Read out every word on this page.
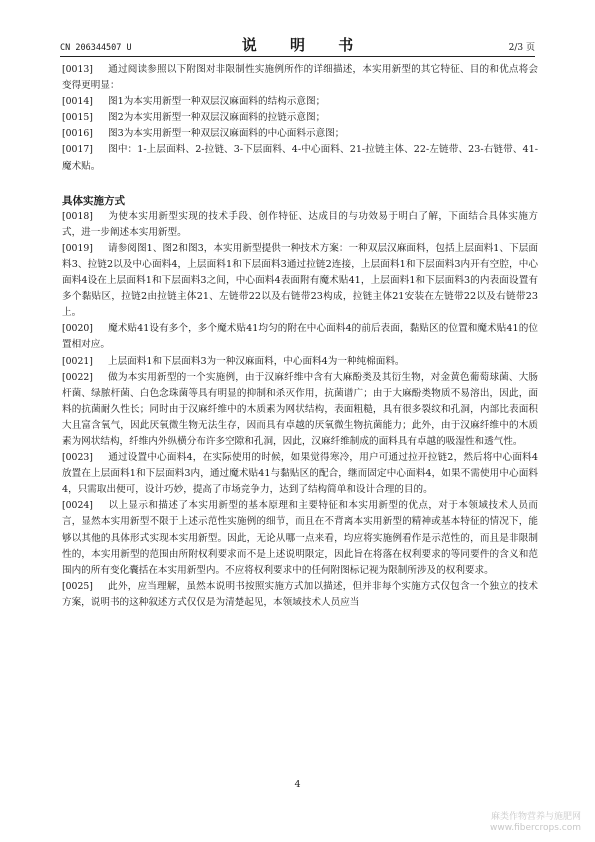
CN 206344507 U	说 明 书	2/3 页
[0013] 通过阅读参照以下附图对非限制性实施例所作的详细描述，本实用新型的其它特征、目的和优点将会变得更明显：
[0014] 图1为本实用新型一种双层汉麻面料的结构示意图；
[0015] 图2为本实用新型一种双层汉麻面料的拉链示意图；
[0016] 图3为本实用新型一种双层汉麻面料的中心面料示意图；
[0017] 图中：1-上层面料、2-拉链、3-下层面料、4-中心面料、21-拉链主体、22-左链带、23-右链带、41-魔术贴。
具体实施方式
[0018] 为使本实用新型实现的技术手段、创作特征、达成目的与功效易于明白了解，下面结合具体实施方式，进一步阐述本实用新型。
[0019] 请参阅图1、图2和图3，本实用新型提供一种技术方案：一种双层汉麻面料，包括上层面料1、下层面料3、拉链2以及中心面料4，上层面料1和下层面料3通过拉链2连接，上层面料1和下层面料3内开有空腔，中心面料4设在上层面料1和下层面料3之间，中心面料4表面附有魔术贴41，上层面料1和下层面料3的内表面设置有多个黏贴区，拉链2由拉链主体21、左链带22以及右链带23构成，拉链主体21安装在左链带22以及右链带23上。
[0020] 魔术贴41设有多个，多个魔术贴41均匀的附在中心面料4的前后表面，黏贴区的位置和魔术贴41的位置相对应。
[0021] 上层面料1和下层面料3为一种汉麻面料，中心面料4为一种纯棉面料。
[0022] 做为本实用新型的一个实施例，由于汉麻纤维中含有大麻酚类及其衍生物，对金黄色葡萄球菌、大肠杆菌、绿脓杆菌、白色念珠菌等具有明显的抑制和杀灭作用，抗菌谱广；由于大麻酚类物质不易溶出，因此，面料的抗菌耐久性长；同时由于汉麻纤维中的木质素为网状结构，表面粗糙，具有很多裂纹和孔洞，内部比表面积大且富含氧气，因此厌氧微生物无法生存，因而具有卓越的厌氧微生物抗菌能力；此外，由于汉麻纤维中的木质素为网状结构，纤维内外纵横分布许多空隙和孔洞，因此，汉麻纤维制成的面料具有卓越的吸湿性和透气性。
[0023] 通过设置中心面料4，在实际使用的时候，如果觉得寒冷，用户可通过拉开拉链2，然后将中心面料4放置在上层面料1和下层面料3内，通过魔术贴41与黏贴区的配合，继而固定中心面料4，如果不需使用中心面料4，只需取出便可，设计巧妙，提高了市场竞争力，达到了结构简单和设计合理的目的。
[0024] 以上显示和描述了本实用新型的基本原理和主要特征和本实用新型的优点，对于本领域技术人员而言，显然本实用新型不限于上述示范性实施例的细节，而且在不背离本实用新型的精神或基本特征的情况下，能够以其他的具体形式实现本实用新型。因此，无论从哪一点来看，均应将实施例看作是示范性的，而且是非限制性的，本实用新型的范围由所附权利要求而不是上述说明限定，因此旨在将落在权利要求的等同要件的含义和范围内的所有变化囊括在本实用新型内。不应将权利要求中的任何附图标记视为限制所涉及的权利要求。
[0025] 此外，应当理解，虽然本说明书按照实施方式加以描述，但并非每个实施方式仅包含一个独立的技术方案，说明书的这种叙述方式仅仅是为清楚起见，本领域技术人员应当
4
麻类作物营养与施肥网
www.fibercrops.com
